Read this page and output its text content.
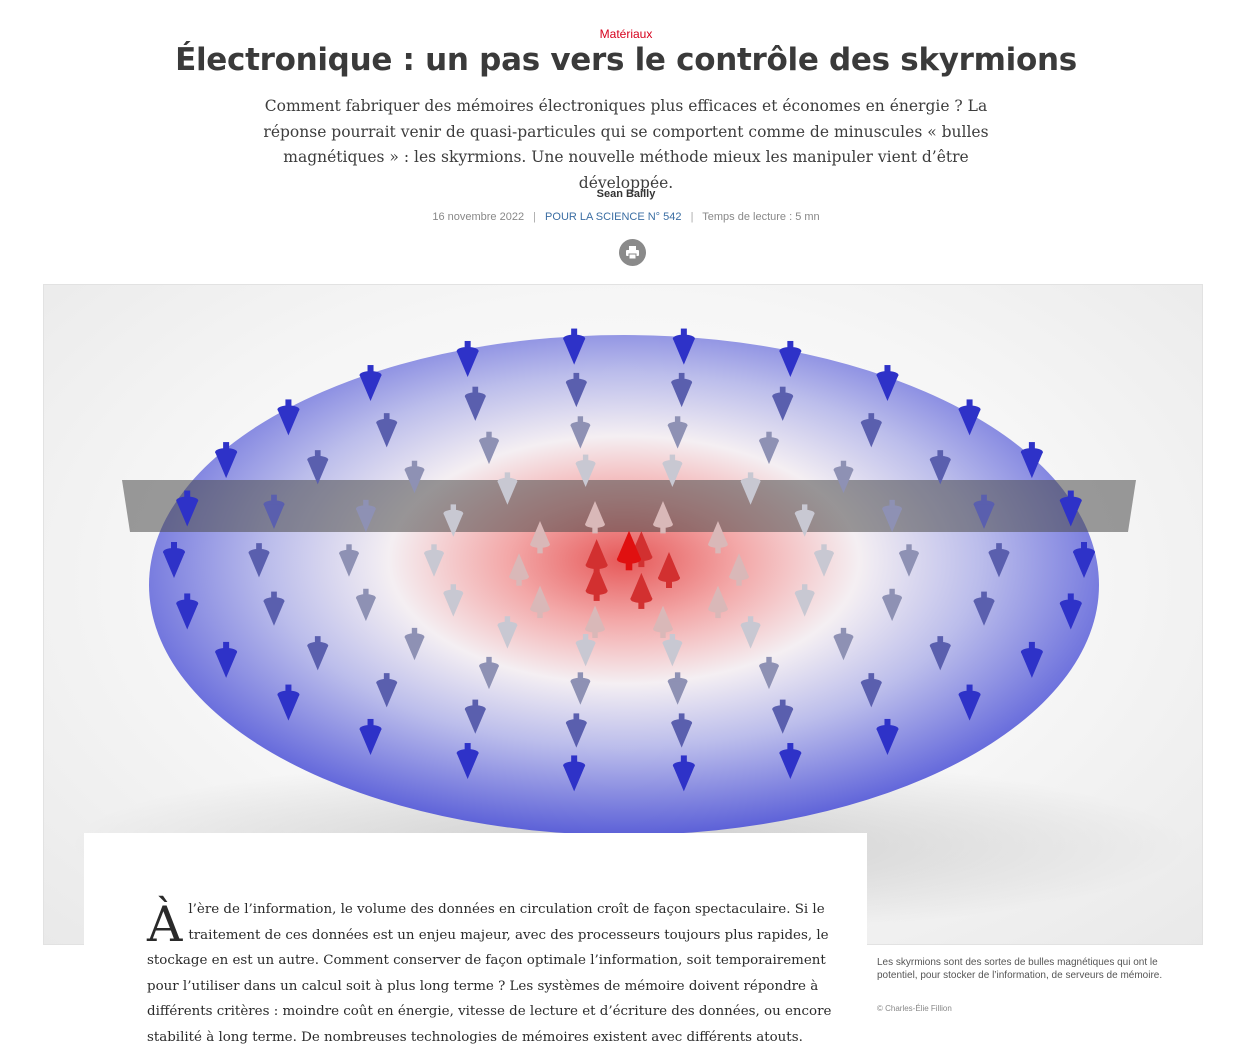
Matériaux
Électronique : un pas vers le contrôle des skyrmions

Comment fabriquer des mémoires électroniques plus efficaces et économes en énergie ? La réponse pourrait venir de quasi-particules qui se comportent comme de minuscules « bulles magnétiques » : les skyrmions. Une nouvelle méthode mieux les manipuler vient d’être développée.

Sean Bailly
16 novembre 2022 | POUR LA SCIENCE N° 542 | Temps de lecture : 5 mn

Àl’ère de l’information, le volume des données en circulation croît de façon spectaculaire. Si le traitement de ces données est un enjeu majeur, avec des processeurs toujours plus rapides, le stockage en est un autre. Comment conserver de façon optimale l’information, soit temporairement pour l’utiliser dans un calcul soit à plus long terme ? Les systèmes de mémoire doivent répondre à différents critères : moindre coût en énergie, vitesse de lecture et d’écriture des données, ou encore stabilité à long terme. De nombreuses technologies de mémoires existent avec différents atouts.

Les skyrmions sont des sortes de bulles magnétiques qui ont le potentiel, pour stocker de l’information, de serveurs de mémoire.

© Charles-Élie Fillion
